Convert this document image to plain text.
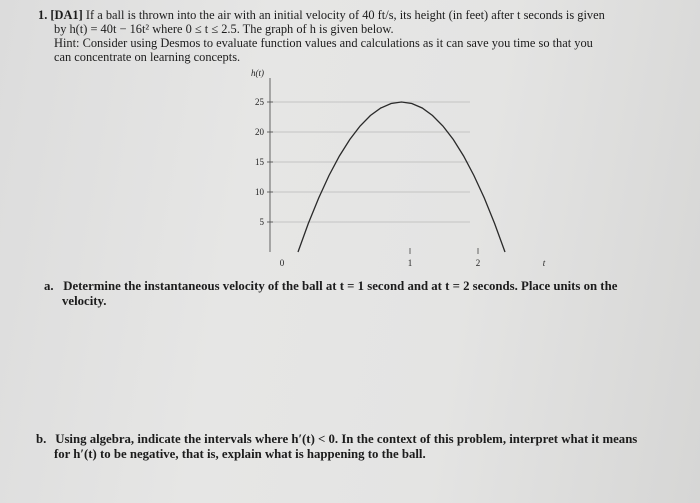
1. [DA1] If a ball is thrown into the air with an initial velocity of 40 ft/s, its height (in feet) after t seconds is given
by h(t) = 40t − 16t² where 0 ≤ t ≤ 2.5. The graph of h is given below.
Hint: Consider using Desmos to evaluate function values and calculations as it can save you time so that you
can concentrate on learning concepts.
5
10
15
20
25
h(t)
0	1	2	t
a. Determine the instantaneous velocity of the ball at t = 1 second and at t = 2 seconds. Place units on the
velocity.
b. Using algebra, indicate the intervals where h′(t) < 0. In the context of this problem, interpret what it means
for h′(t) to be negative, that is, explain what is happening to the ball.
